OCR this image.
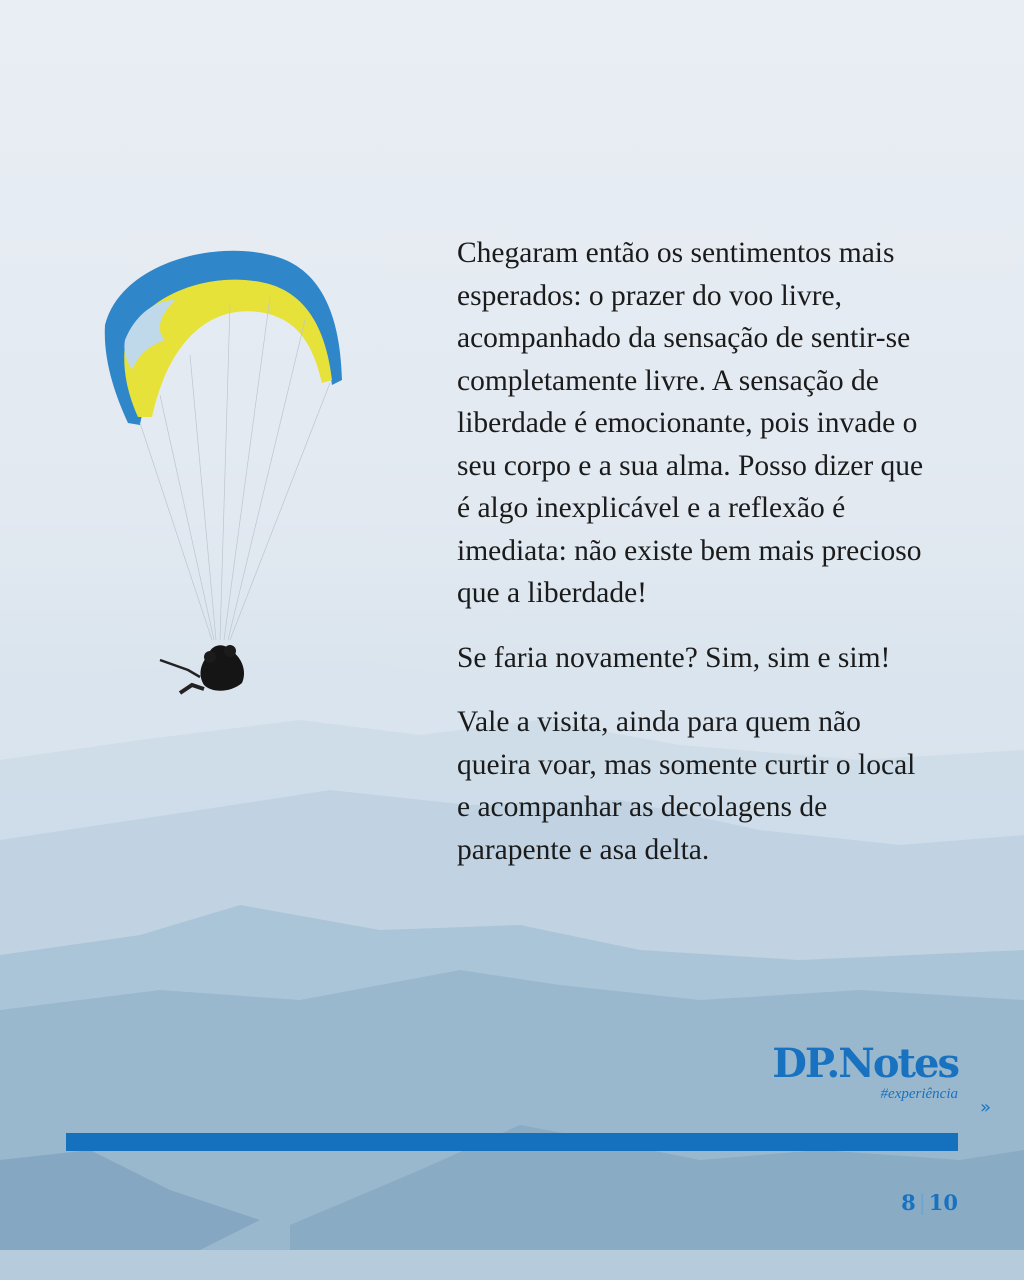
Chegaram então os sentimentos mais esperados: o prazer do voo livre, acompanhado da sensação de sentir-se completamente livre. A sensação de liberdade é emocionante, pois invade o seu corpo e a sua alma. Posso dizer que é algo inexplicável e a reflexão é imediata: não existe bem mais precioso que a liberdade!

Se faria novamente? Sim, sim e sim!

Vale a visita, ainda para quem não queira voar, mas somente curtir o local e acompanhar as decolagens de parapente e asa delta.

DP.Notes
#experiência
»
8 | 10
